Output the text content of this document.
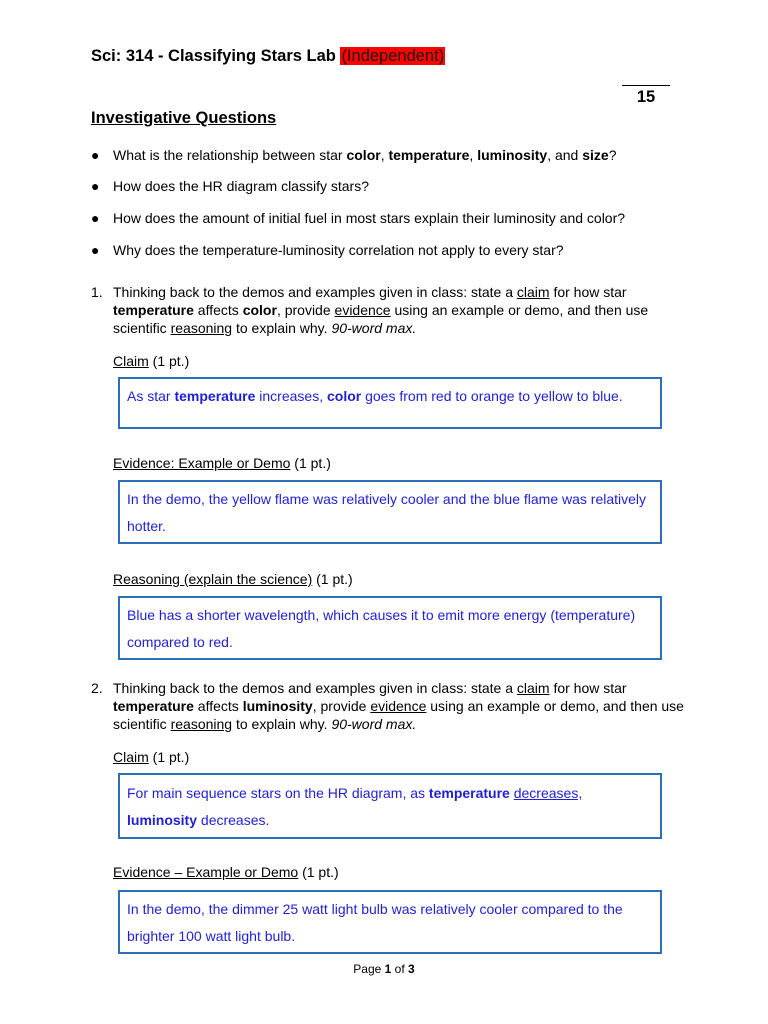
Sci: 314 - Classifying Stars Lab (Independent)
15
Investigative Questions
● What is the relationship between star color, temperature, luminosity, and size?
● How does the HR diagram classify stars?
● How does the amount of initial fuel in most stars explain their luminosity and color?
● Why does the temperature-luminosity correlation not apply to every star?
1. Thinking back to the demos and examples given in class: state a claim for how star
temperature affects color, provide evidence using an example or demo, and then use scientific reasoning to explain why. 90-word max.
Claim (1 pt.)
As star temperature increases, color goes from red to orange to yellow to blue.
Evidence: Example or Demo (1 pt.)
In the demo, the yellow flame was relatively cooler and the blue flame was relatively hotter.
Reasoning (explain the science) (1 pt.)
Blue has a shorter wavelength, which causes it to emit more energy (temperature) compared to red.
2. Thinking back to the demos and examples given in class: state a claim for how star
temperature affects luminosity, provide evidence using an example or demo, and then use scientific reasoning to explain why. 90-word max.
Claim (1 pt.)
For main sequence stars on the HR diagram, as temperature decreases,
luminosity decreases.
Evidence – Example or Demo (1 pt.)
In the demo, the dimmer 25 watt light bulb was relatively cooler compared to the brighter 100 watt light bulb.
Page 1 of 3
